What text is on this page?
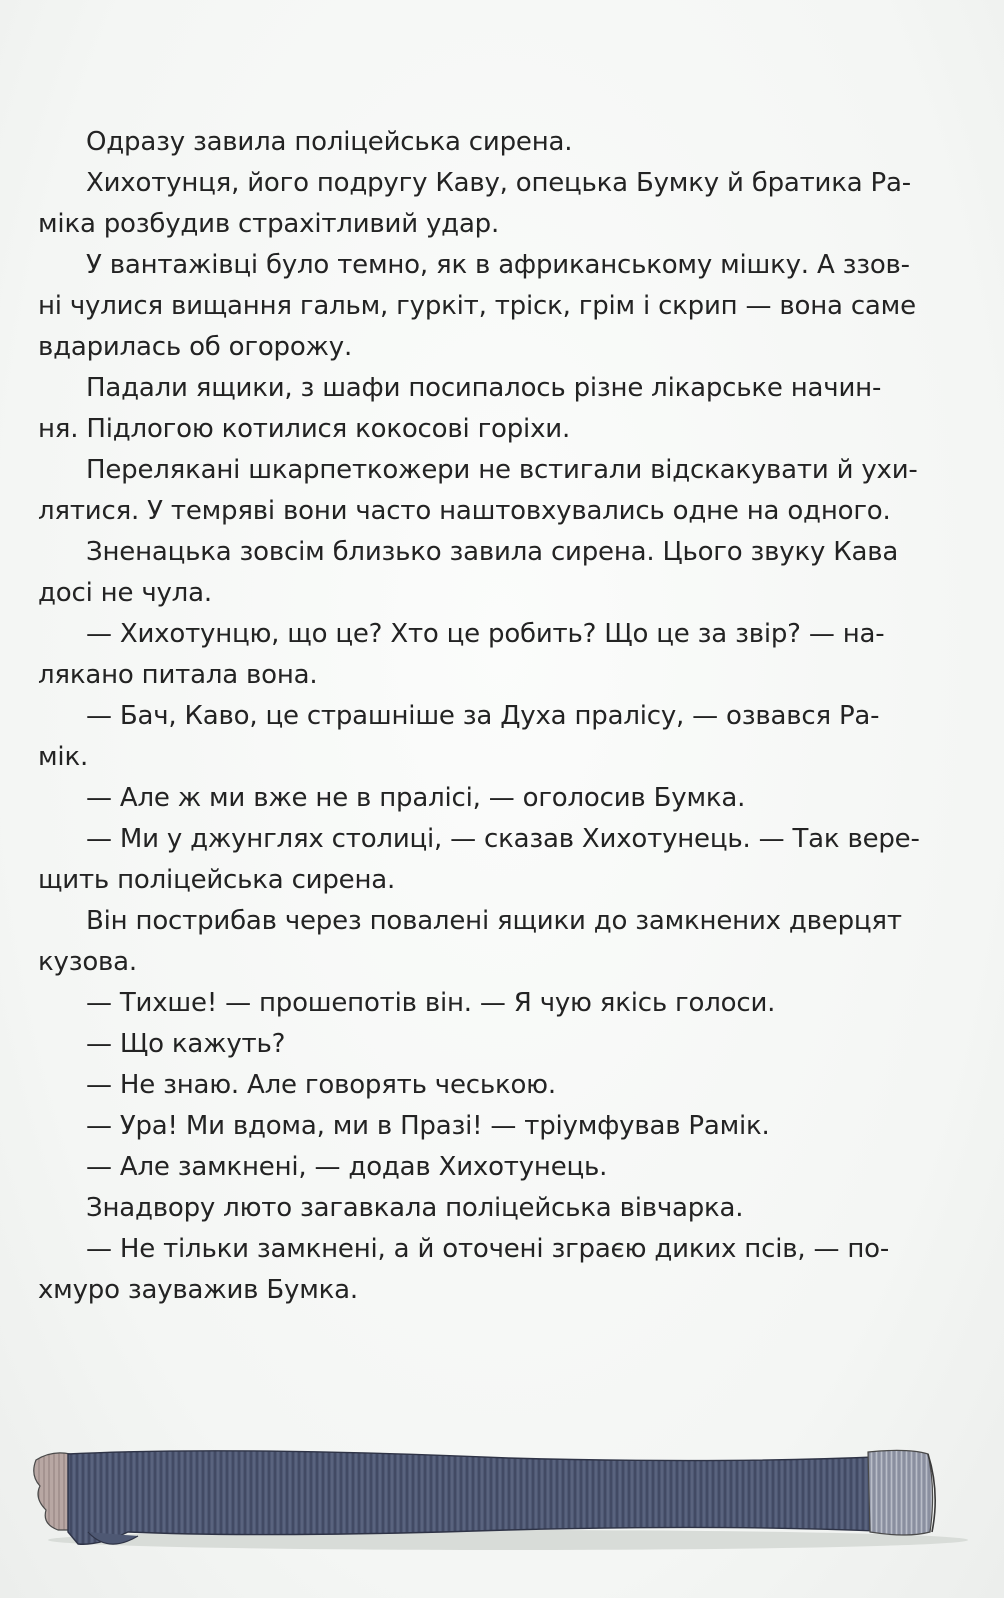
Одразу завила поліцейська сирена.
Хихотунця, його подругу Каву, опецька Бумку й братика Ра-
міка розбудив страхітливий удар.
У вантажівці було темно, як в африканському мішку. А ззов-
ні чулися вищання гальм, гуркіт, тріск, грім і скрип — вона саме
вдарилась об огорожу.
Падали ящики, з шафи посипалось різне лікарське начин-
ня. Підлогою котилися кокосові горіхи.
Перелякані шкарпеткожери не встигали відскакувати й ухи-
лятися. У темряві вони часто наштовхувались одне на одного.
Зненацька зовсім близько завила сирена. Цього звуку Кава
досі не чула.
— Хихотунцю, що це? Хто це робить? Що це за звір? — на-
лякано питала вона.
— Бач, Каво, це страшніше за Духа пралісу, — озвався Ра-
мік.
— Але ж ми вже не в пралісі, — оголосив Бумка.
— Ми у джунглях столиці, — сказав Хихотунець. — Так вере-
щить поліцейська сирена.
Він пострибав через повалені ящики до замкнених дверцят
кузова.
— Тихше! — прошепотів він. — Я чую якісь голоси.
— Що кажуть?
— Не знаю. Але говорять чеською.
— Ура! Ми вдома, ми в Празі! — тріумфував Рамік.
— Але замкнені, — додав Хихотунець.
Знадвору люто загавкала поліцейська вівчарка.
— Не тільки замкнені, а й оточені зграєю диких псів, — по-
хмуро зауважив Бумка.
